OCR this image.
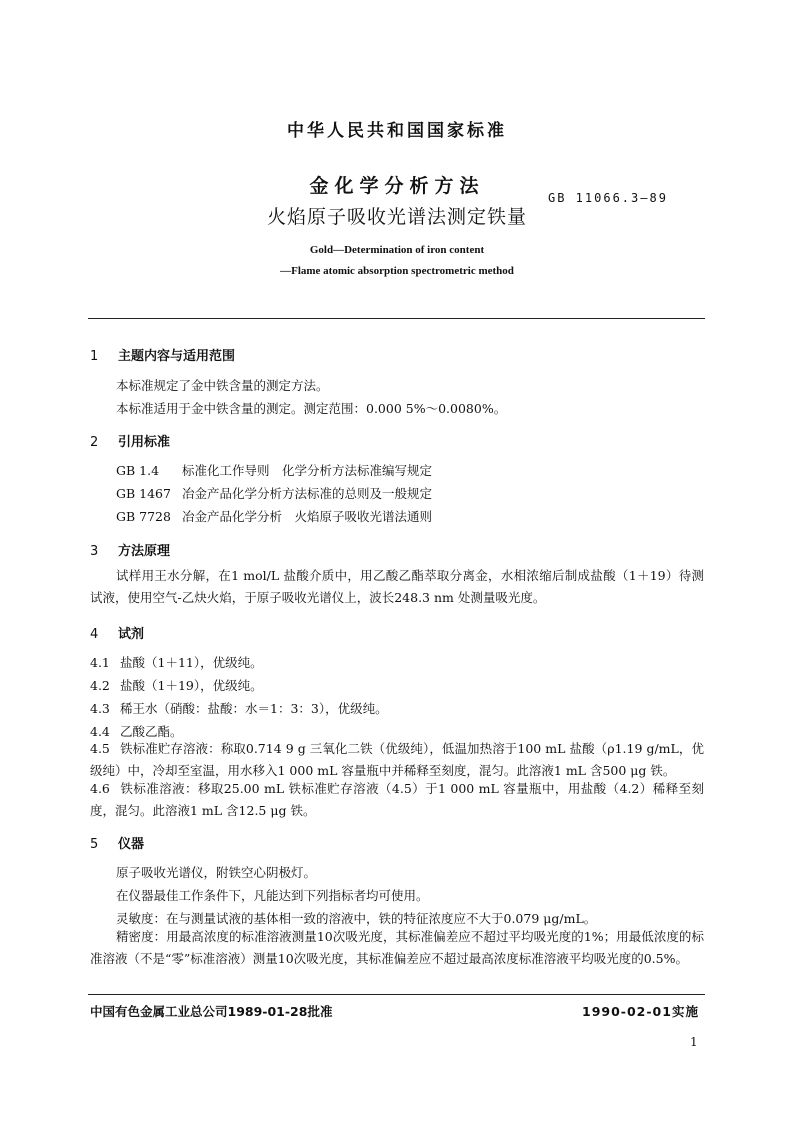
中华人民共和国国家标准
金化学分析方法
GB 11066.3—89
火焰原子吸收光谱法测定铁量
Gold—Determination of iron content
—Flame atomic absorption spectrometric method
1 主题内容与适用范围
本标准规定了金中铁含量的测定方法。
本标准适用于金中铁含量的测定。测定范围：0.000 5%～0.0080%。
2 引用标准
GB 1.4 标准化工作导则　化学分析方法标准编写规定
GB 1467 冶金产品化学分析方法标准的总则及一般规定
GB 7728 冶金产品化学分析　火焰原子吸收光谱法通则
3 方法原理
试样用王水分解，在1 mol/L 盐酸介质中，用乙酸乙酯萃取分离金，水相浓缩后制成盐酸（1＋19）待测试液，使用空气-乙炔火焰，于原子吸收光谱仪上，波长248.3 nm 处测量吸光度。
4 试剂
4.1 盐酸（1＋11），优级纯。
4.2 盐酸（1＋19），优级纯。
4.3 稀王水（硝酸：盐酸：水＝1：3：3），优级纯。
4.4 乙酸乙酯。
4.5 铁标准贮存溶液：称取0.714 9 g 三氧化二铁（优级纯），低温加热溶于100 mL 盐酸（ρ1.19 g/mL，优级纯）中，冷却至室温，用水移入1 000 mL 容量瓶中并稀释至刻度，混匀。此溶液1 mL 含500 μg 铁。
4.6 铁标准溶液：移取25.00 mL 铁标准贮存溶液（4.5）于1 000 mL 容量瓶中，用盐酸（4.2）稀释至刻度，混匀。此溶液1 mL 含12.5 μg 铁。
5 仪器
原子吸收光谱仪，附铁空心阴极灯。
在仪器最佳工作条件下，凡能达到下列指标者均可使用。
灵敏度：在与测量试液的基体相一致的溶液中，铁的特征浓度应不大于0.079 μg/mL。
精密度：用最高浓度的标准溶液测量10次吸光度，其标准偏差应不超过平均吸光度的1%；用最低浓度的标准溶液（不是“零”标准溶液）测量10次吸光度，其标准偏差应不超过最高浓度标准溶液平均吸光度的0.5%。
中国有色金属工业总公司1989-01-28批准	1990-02-01实施
1
